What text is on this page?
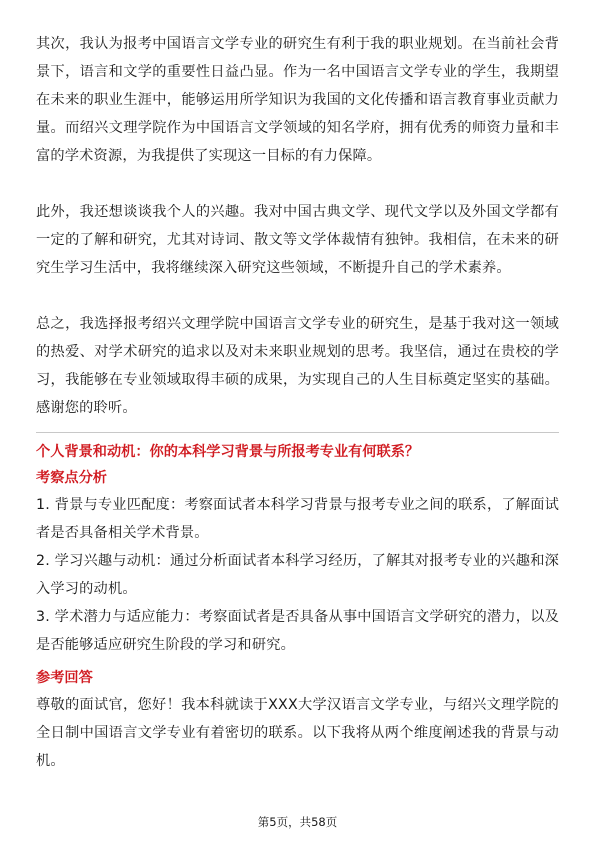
其次，我认为报考中国语言文学专业的研究生有利于我的职业规划。在当前社会背景下，语言和文学的重要性日益凸显。作为一名中国语言文学专业的学生，我期望在未来的职业生涯中，能够运用所学知识为我国的文化传播和语言教育事业贡献力量。而绍兴文理学院作为中国语言文学领域的知名学府，拥有优秀的师资力量和丰富的学术资源，为我提供了实现这一目标的有力保障。

此外，我还想谈谈我个人的兴趣。我对中国古典文学、现代文学以及外国文学都有一定的了解和研究，尤其对诗词、散文等文学体裁情有独钟。我相信，在未来的研究生学习生活中，我将继续深入研究这些领域，不断提升自己的学术素养。

总之，我选择报考绍兴文理学院中国语言文学专业的研究生，是基于我对这一领域的热爱、对学术研究的追求以及对未来职业规划的思考。我坚信，通过在贵校的学习，我能够在专业领域取得丰硕的成果，为实现自己的人生目标奠定坚实的基础。感谢您的聆听。

个人背景和动机：你的本科学习背景与所报考专业有何联系？

考察点分析

1. 背景与专业匹配度：考察面试者本科学习背景与报考专业之间的联系，了解面试者是否具备相关学术背景。

2. 学习兴趣与动机：通过分析面试者本科学习经历，了解其对报考专业的兴趣和深入学习的动机。

3. 学术潜力与适应能力：考察面试者是否具备从事中国语言文学研究的潜力，以及是否能够适应研究生阶段的学习和研究。

参考回答

尊敬的面试官，您好！我本科就读于XXX大学汉语言文学专业，与绍兴文理学院的全日制中国语言文学专业有着密切的联系。以下我将从两个维度阐述我的背景与动机。

第5页，共58页
